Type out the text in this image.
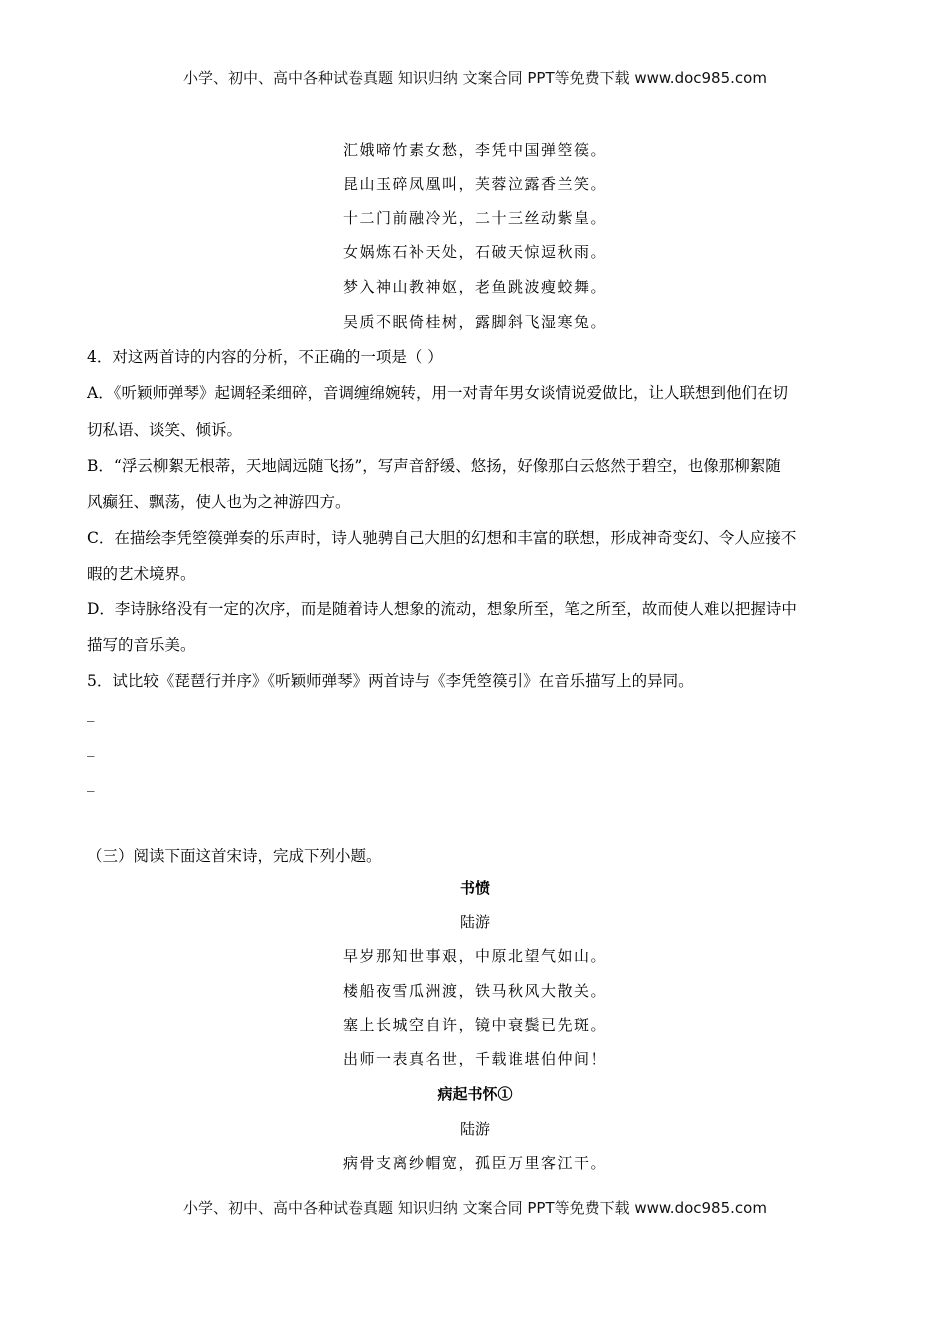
小学、初中、高中各种试卷真题 知识归纳 文案合同 PPT等免费下载 www.doc985.com
汇娥啼竹素女愁，李凭中国弹箜篌。
昆山玉碎凤凰叫，芙蓉泣露香兰笑。
十二门前融冷光，二十三丝动紫皇。
女娲炼石补天处，石破天惊逗秋雨。
梦入神山教神妪，老鱼跳波瘦蛟舞。
吴质不眠倚桂树，露脚斜飞湿寒兔。
4．对这两首诗的内容的分析，不正确的一项是（ ）
A．《听颖师弹琴》起调轻柔细碎，音调缠绵婉转，用一对青年男女谈情说爱做比，让人联想到他们在切
切私语、谈笑、倾诉。
B．“浮云柳絮无根蒂，天地阔远随飞扬”，写声音舒缓、悠扬，好像那白云悠然于碧空，也像那柳絮随
风癫狂、飘荡，使人也为之神游四方。
C．在描绘李凭箜篌弹奏的乐声时，诗人驰骋自己大胆的幻想和丰富的联想，形成神奇变幻、令人应接不
暇的艺术境界。
D．李诗脉络没有一定的次序，而是随着诗人想象的流动，想象所至，笔之所至，故而使人难以把握诗中
描写的音乐美。
5．试比较《琵琶行并序》《听颖师弹琴》两首诗与《李凭箜篌引》在音乐描写上的异同。
_
_
_
（三）阅读下面这首宋诗，完成下列小题。
书愤
陆游
早岁那知世事艰，中原北望气如山。
楼船夜雪瓜洲渡，铁马秋风大散关。
塞上长城空自许，镜中衰鬓已先斑。
出师一表真名世，千载谁堪伯仲间！
病起书怀①
陆游
病骨支离纱帽宽，孤臣万里客江干。
小学、初中、高中各种试卷真题 知识归纳 文案合同 PPT等免费下载 www.doc985.com
